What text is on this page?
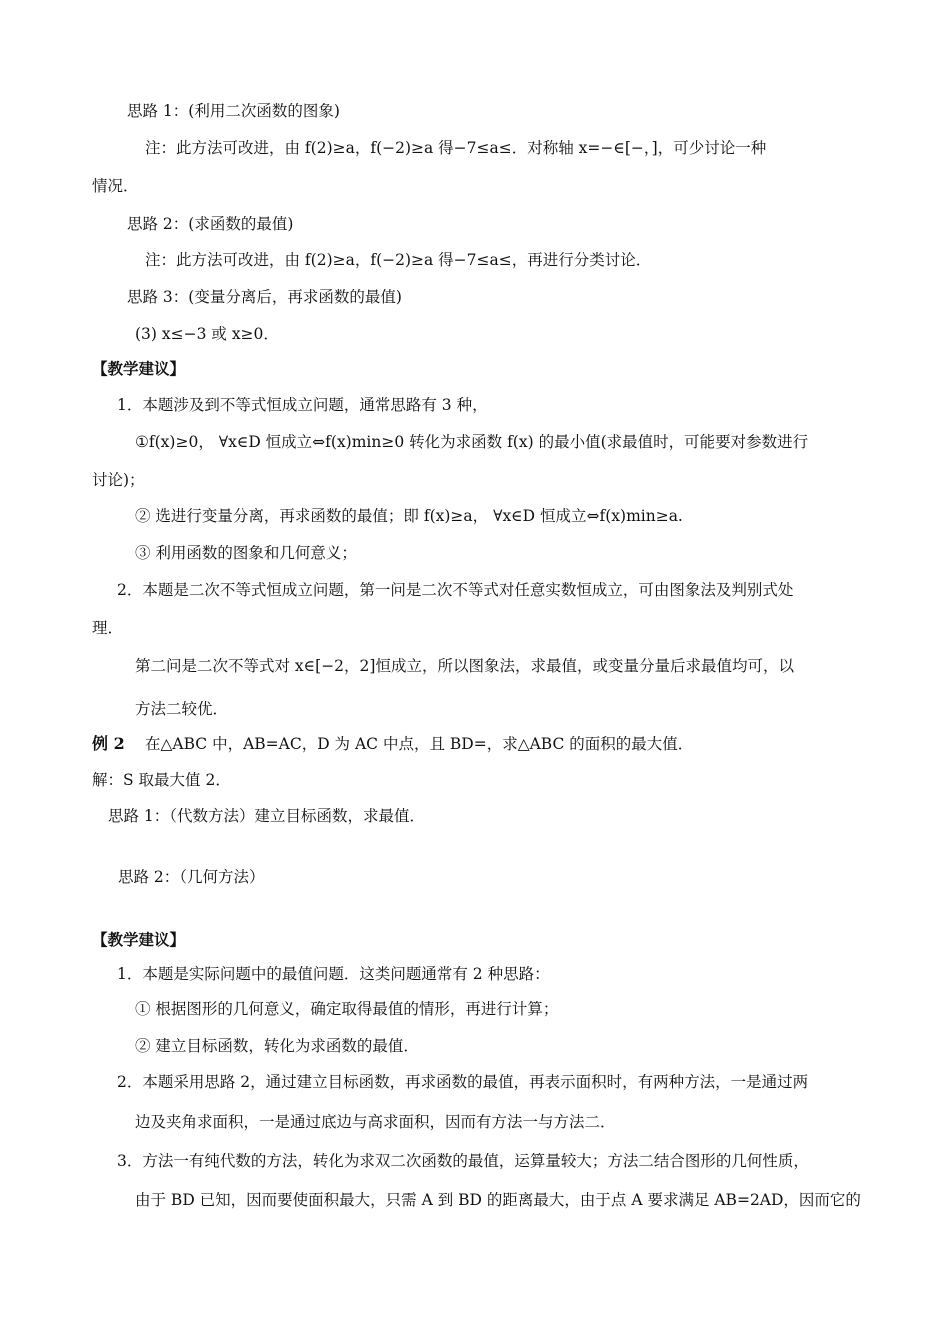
思路 1：(利用二次函数的图象)
注：此方法可改进，由 f(2)≥a，f(−2)≥a 得−7≤a≤．对称轴 x=−∈[−，]，可少讨论一种
情况．
思路 2：(求函数的最值)
注：此方法可改进，由 f(2)≥a，f(−2)≥a 得−7≤a≤，再进行分类讨论．
思路 3：(变量分离后，再求函数的最值)
(3) x≤−3 或 x≥0．
【教学建议】
1．本题涉及到不等式恒成立问题，通常思路有 3 种，
①f(x)≥0， ∀x∈D 恒成立⇔f(x)min≥0 转化为求函数 f(x) 的最小值(求最值时，可能要对参数进行
讨论)；
② 选进行变量分离，再求函数的最值；即 f(x)≥a， ∀x∈D 恒成立⇔f(x)min≥a.
③ 利用函数的图象和几何意义；
2．本题是二次不等式恒成立问题，第一问是二次不等式对任意实数恒成立，可由图象法及判别式处
理．
第二问是二次不等式对 x∈[−2，2]恒成立，所以图象法，求最值，或变量分量后求最值均可，以
方法二较优．
例 2 在△ABC 中，AB=AC，D 为 AC 中点，且 BD=，求△ABC 的面积的最大值．
解：S 取最大值 2．
思路 1：（代数方法）建立目标函数，求最值．
思路 2：（几何方法）
【教学建议】
1．本题是实际问题中的最值问题．这类问题通常有 2 种思路：
① 根据图形的几何意义，确定取得最值的情形，再进行计算；
② 建立目标函数，转化为求函数的最值．
2．本题采用思路 2，通过建立目标函数，再求函数的最值，再表示面积时，有两种方法，一是通过两
边及夹角求面积，一是通过底边与高求面积，因而有方法一与方法二．
3．方法一有纯代数的方法，转化为求双二次函数的最值，运算量较大；方法二结合图形的几何性质，
由于 BD 已知，因而要使面积最大，只需 A 到 BD 的距离最大，由于点 A 要求满足 AB=2AD，因而它的
